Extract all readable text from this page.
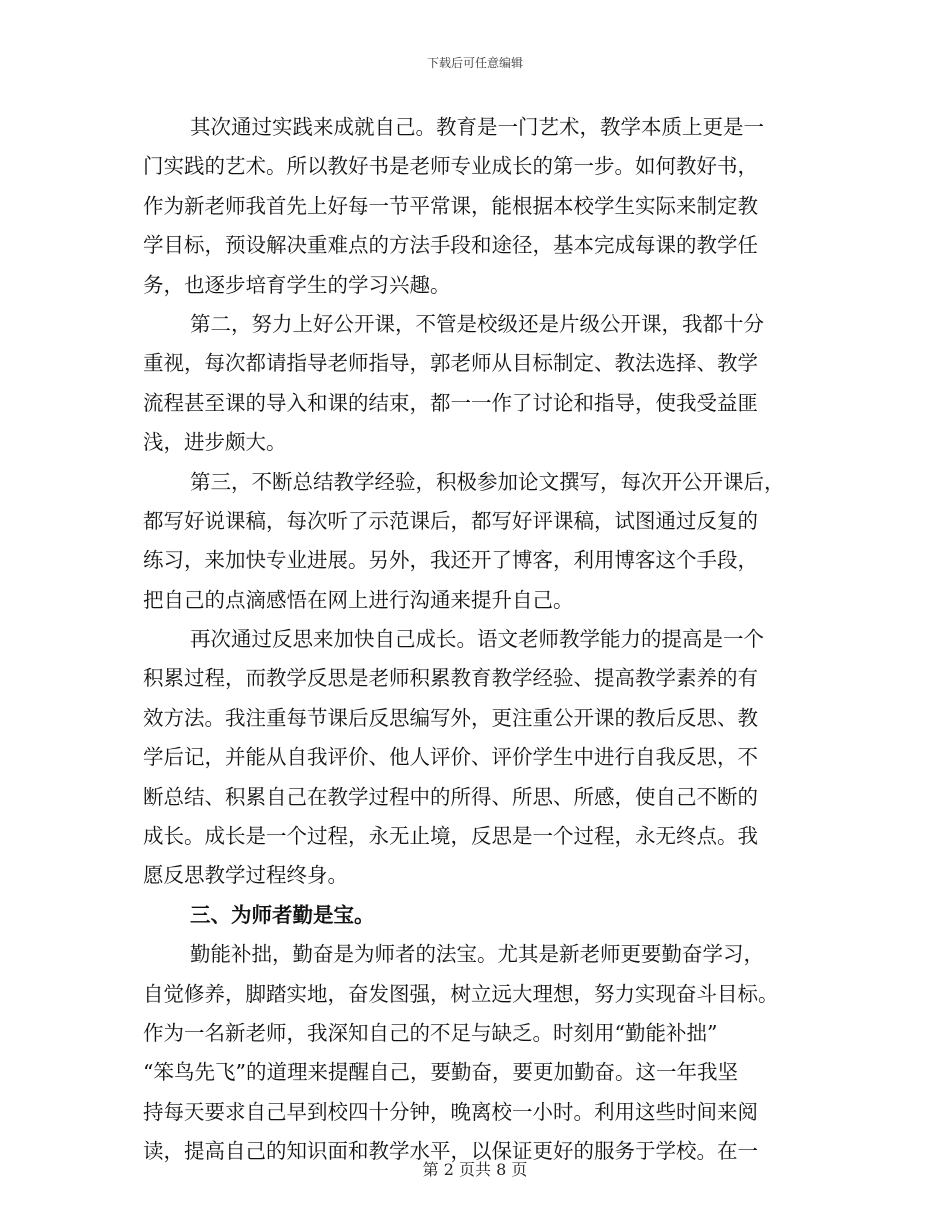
下载后可任意编辑
其次通过实践来成就自己。教育是一门艺术，教学本质上更是一
门实践的艺术。所以教好书是老师专业成长的第一步。如何教好书，
作为新老师我首先上好每一节平常课，能根据本校学生实际来制定教
学目标，预设解决重难点的方法手段和途径，基本完成每课的教学任
务，也逐步培育学生的学习兴趣。
第二，努力上好公开课，不管是校级还是片级公开课，我都十分
重视，每次都请指导老师指导，郭老师从目标制定、教法选择、教学
流程甚至课的导入和课的结束，都一一作了讨论和指导，使我受益匪
浅，进步颇大。
第三，不断总结教学经验，积极参加论文撰写，每次开公开课后，
都写好说课稿，每次听了示范课后，都写好评课稿，试图通过反复的
练习，来加快专业进展。另外，我还开了博客，利用博客这个手段，
把自己的点滴感悟在网上进行沟通来提升自己。
再次通过反思来加快自己成长。语文老师教学能力的提高是一个
积累过程，而教学反思是老师积累教育教学经验、提高教学素养的有
效方法。我注重每节课后反思编写外，更注重公开课的教后反思、教
学后记，并能从自我评价、他人评价、评价学生中进行自我反思，不
断总结、积累自己在教学过程中的所得、所思、所感，使自己不断的
成长。成长是一个过程，永无止境，反思是一个过程，永无终点。我
愿反思教学过程终身。
三、为师者勤是宝。
勤能补拙，勤奋是为师者的法宝。尤其是新老师更要勤奋学习，
自觉修养，脚踏实地，奋发图强，树立远大理想，努力实现奋斗目标。
作为一名新老师，我深知自己的不足与缺乏。时刻用“勤能补拙”
“笨鸟先飞”的道理来提醒自己，要勤奋，要更加勤奋。这一年我坚
持每天要求自己早到校四十分钟，晚离校一小时。利用这些时间来阅
读，提高自己的知识面和教学水平，以保证更好的服务于学校。在一
第 2 页共 8 页
